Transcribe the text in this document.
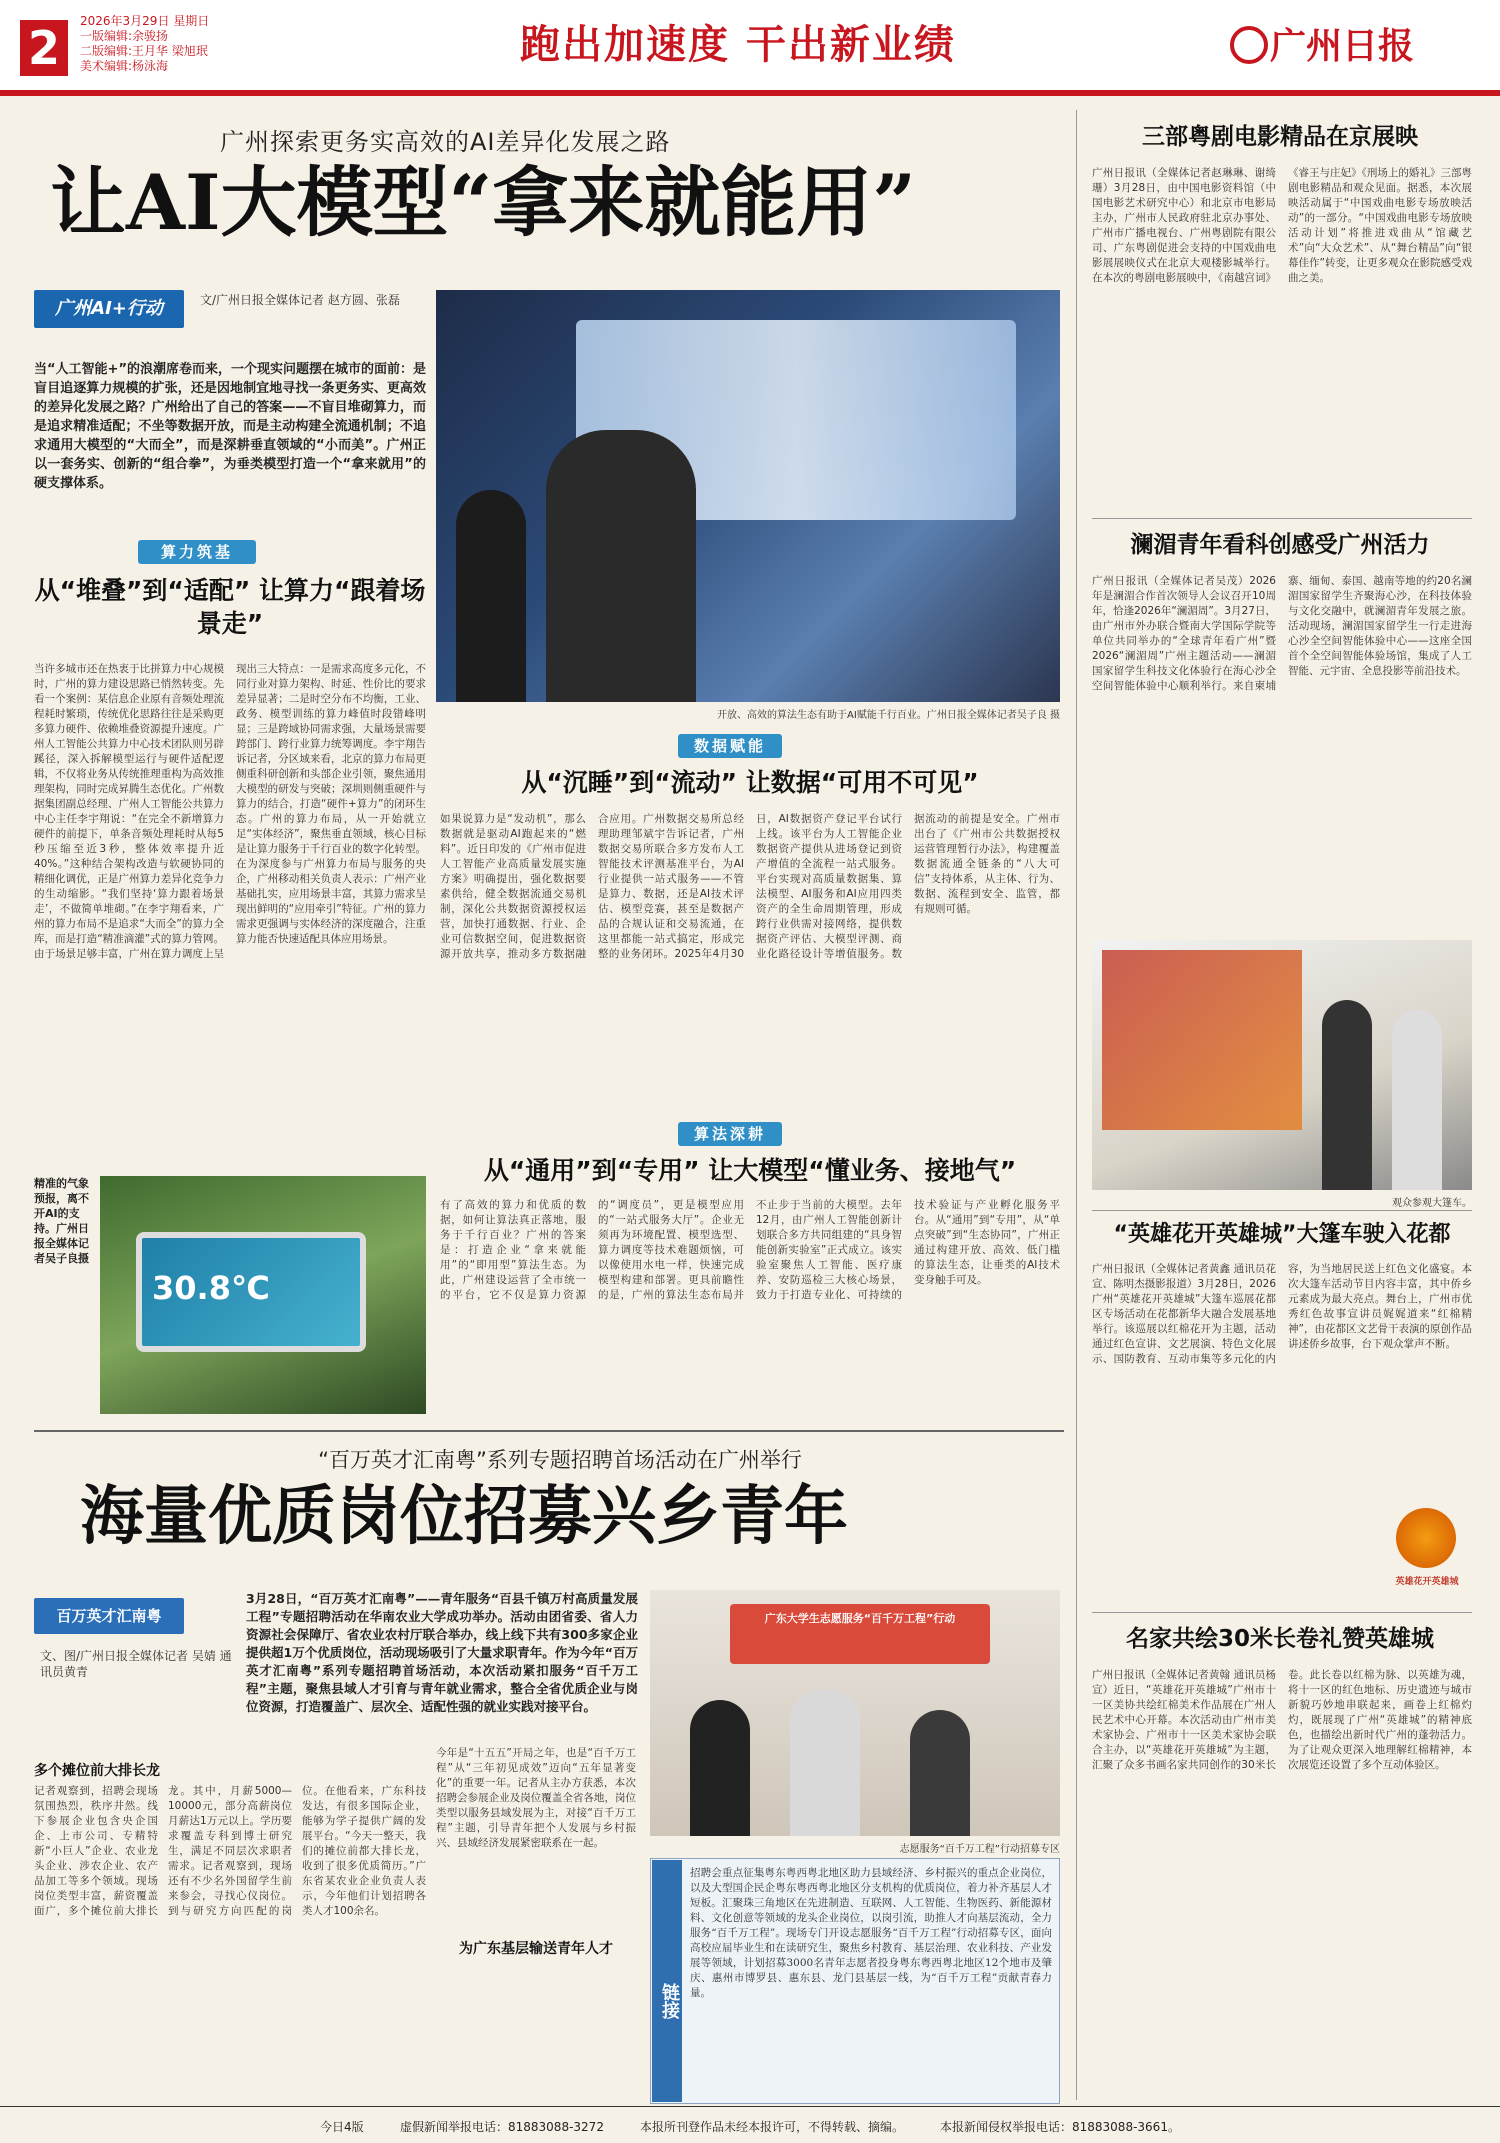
2	2026年3月29日 星期日
一版编辑:余骏扬
二版编辑:王月华 梁旭珉
美术编辑:杨泳海	跑出加速度 干出新业绩	广州日报
广州探索更务实高效的AI差异化发展之路
让AI大模型“拿来就能用”
广州AI+行动	文/广州日报全媒体记者 赵方圆、张磊
当“人工智能+”的浪潮席卷而来，一个现实问题摆在城市的面前：是盲目追逐算力规模的扩张，还是因地制宜地寻找一条更务实、更高效的差异化发展之路？广州给出了自己的答案——不盲目堆砌算力，而是追求精准适配；不坐等数据开放，而是主动构建全流通机制；不追求通用大模型的“大而全”，而是深耕垂直领域的“小而美”。广州正以一套务实、创新的“组合拳”，为垂类模型打造一个“拿来就用”的硬支撑体系。
开放、高效的算法生态有助于AI赋能千行百业。广州日报全媒体记者吴子良 摄
算力筑基
从“堆叠”到“适配” 让算力“跟着场景走”
当许多城市还在热衷于比拼算力中心规模时，广州的算力建设思路已悄然转变。先看一个案例：某信息企业原有音频处理流程耗时繁琐，传统优化思路往往是采购更多算力硬件、依赖堆叠资源提升速度。广州人工智能公共算力中心技术团队则另辟蹊径，深入拆解模型运行与硬件适配逻辑，不仅将业务从传统推理重构为高效推理架构，同时完成昇腾生态优化。广州数据集团副总经理、广州人工智能公共算力中心主任李宇翔说：“在完全不新增算力硬件的前提下，单条音频处理耗时从每5秒压缩至近3秒，整体效率提升近40%。”这种结合架构改造与软硬协同的精细化调优，正是广州算力差异化竞争力的生动缩影。“我们坚持‘算力跟着场景走’，不做简单堆砌。”在李宇翔看来，广州的算力布局不是追求“大而全”的算力全库，而是打造“精准滴灌”式的算力管网。由于场景足够丰富，广州在算力调度上呈现出三大特点：一是需求高度多元化，不同行业对算力架构、时延、性价比的要求差异显著；二是时空分布不均衡，工业、政务、模型训练的算力峰值时段错峰明显；三是跨域协同需求强，大量场景需要跨部门、跨行业算力统筹调度。李宇翔告诉记者，分区域来看，北京的算力布局更侧重科研创新和头部企业引领，聚焦通用大模型的研发与突破；深圳则侧重硬件与算力的结合，打造“硬件+算力”的闭环生态。广州的算力布局，从一开始就立足“实体经济”，聚焦垂直领域，核心目标是让算力服务于千行百业的数字化转型。在为深度参与广州算力布局与服务的央企，广州移动相关负责人表示：广州产业基础扎实，应用场景丰富，其算力需求呈现出鲜明的“应用牵引”特征。广州的算力需求更强调与实体经济的深度融合，注重算力能否快速适配具体应用场景。
精准的气象预报，离不开AI的支持。广州日报全媒体记者吴子良摄
30.8℃
数据赋能
从“沉睡”到“流动” 让数据“可用不可见”
如果说算力是“发动机”，那么数据就是驱动AI跑起来的“燃料”。近日印发的《广州市促进人工智能产业高质量发展实施方案》明确提出，强化数据要素供给，健全数据流通交易机制，深化公共数据资源授权运营，加快打通数据、行业、企业可信数据空间，促进数据资源开放共享，推动多方数据融合应用。广州数据交易所总经理助理邹斌宇告诉记者，广州数据交易所联合多方发布人工智能技术评测基准平台，为AI行业提供一站式服务——不管是算力、数据，还是AI技术评估、模型竞赛，甚至是数据产品的合规认证和交易流通，在这里都能一站式搞定，形成完整的业务闭环。2025年4月30日，AI数据资产登记平台试行上线。该平台为人工智能企业数据资产提供从进场登记到资产增值的全流程一站式服务。平台实现对高质量数据集、算法模型、AI服务和AI应用四类资产的全生命周期管理，形成跨行业供需对接网络，提供数据资产评估、大模型评测、商业化路径设计等增值服务。数据流动的前提是安全。广州市出台了《广州市公共数据授权运营管理暂行办法》，构建覆盖数据流通全链条的“八大可信”支持体系，从主体、行为、数据、流程到安全、监管，都有规则可循。
算法深耕
从“通用”到“专用” 让大模型“懂业务、接地气”
有了高效的算力和优质的数据，如何让算法真正落地，服务于千行百业？广州的答案是：打造企业“拿来就能用”的“即用型”算法生态。为此，广州建设运营了全市统一的平台，它不仅是算力资源的“调度员”，更是模型应用的“一站式服务大厅”。企业无须再为环境配置、模型选型、算力调度等技术难题烦恼，可以像使用水电一样，快速完成模型构建和部署。更具前瞻性的是，广州的算法生态布局并不止步于当前的大模型。去年12月，由广州人工智能创新计划联合多方共同组建的“具身智能创新实验室”正式成立。该实验室聚焦人工智能、医疗康养、安防巡检三大核心场景，致力于打造专业化、可持续的技术验证与产业孵化服务平台。从“通用”到“专用”，从“单点突破”到“生态协同”，广州正通过构建开放、高效、低门槛的算法生态，让垂类的AI技术变身触手可及。
“百万英才汇南粤”系列专题招聘首场活动在广州举行
海量优质岗位招募兴乡青年
百万英才汇南粤
文、图/广州日报全媒体记者 吴婧 通讯员黄青
3月28日，“百万英才汇南粤”——青年服务“百县千镇万村高质量发展工程”专题招聘活动在华南农业大学成功举办。活动由团省委、省人力资源社会保障厅、省农业农村厅联合举办，线上线下共有300多家企业提供超1万个优质岗位，活动现场吸引了大量求职青年。作为今年“百万英才汇南粤”系列专题招聘首场活动，本次活动紧扣服务“百千万工程”主题，聚焦县域人才引育与青年就业需求，整合全省优质企业与岗位资源，打造覆盖广、层次全、适配性强的就业实践对接平台。
多个摊位前大排长龙
记者观察到，招聘会现场氛围热烈，秩序井然。线下参展企业包含央企国企、上市公司、专精特新“小巨人”企业、农业龙头企业、涉农企业、农产品加工等多个领域。现场岗位类型丰富，薪资覆盖面广，多个摊位前大排长龙。其中，月薪5000—10000元，部分高薪岗位月薪达1万元以上。学历要求覆盖专科到博士研究生，满足不同层次求职者需求。记者观察到，现场还有不少名外国留学生前来参会，寻找心仪岗位。到与研究方向匹配的岗位。在他看来，广东科技发达，有很多国际企业，能够为学子提供广阔的发展平台。“今天一整天，我们的摊位前都大排长龙，收到了很多优质简历。”广东省某农业企业负责人表示，今年他们计划招聘各类人才100余名。
今年是“十五五”开局之年，也是“百千万工程”从“三年初见成效”迈向“五年显著变化”的重要一年。记者从主办方获悉，本次招聘会参展企业及岗位覆盖全省各地，岗位类型以服务县域发展为主，对接“百千万工程”主题，引导青年把个人发展与乡村振兴、县域经济发展紧密联系在一起。
为广东基层输送青年人才
广东大学生志愿服务“百千万工程”行动
志愿服务“百千万工程”行动招募专区
链接
招聘会重点征集粤东粤西粤北地区助力县域经济、乡村振兴的重点企业岗位，以及大型国企民企粤东粤西粤北地区分支机构的优质岗位，着力补齐基层人才短板。汇聚珠三角地区在先进制造、互联网、人工智能、生物医药、新能源材料、文化创意等领域的龙头企业岗位，以岗引流，助推人才向基层流动，全力服务“百千万工程”。现场专门开设志愿服务“百千万工程”行动招募专区，面向高校应届毕业生和在读研究生，聚焦乡村教育、基层治理、农业科技、产业发展等领域，计划招募3000名青年志愿者投身粤东粤西粤北地区12个地市及肇庆、惠州市博罗县、惠东县、龙门县基层一线，为“百千万工程”贡献青春力量。
三部粤剧电影精品在京展映
广州日报讯（全媒体记者赵琳琳、谢绮珊）3月28日，由中国电影资料馆（中国电影艺术研究中心）和北京市电影局主办，广州市人民政府驻北京办事处、广州市广播电视台、广州粤剧院有限公司、广东粤剧促进会支持的中国戏曲电影展展映仪式在北京大观楼影城举行。在本次的粤剧电影展映中，《南越宫词》《睿王与庄妃》《刑场上的婚礼》三部粤剧电影精品和观众见面。据悉，本次展映活动属于“中国戏曲电影专场放映活动”的一部分。“中国戏曲电影专场放映活动计划”将推进戏曲从“馆藏艺术”向“大众艺术”、从“舞台精品”向“银幕佳作”转变，让更多观众在影院感受戏曲之美。
澜湄青年看科创感受广州活力
广州日报讯（全媒体记者吴茂）2026年是澜湄合作首次领导人会议召开10周年，恰逢2026年“澜湄周”。3月27日，由广州市外办联合暨南大学国际学院等单位共同举办的“全球青年看广州”暨2026“澜湄周”广州主题活动——澜湄国家留学生科技文化体验行在海心沙全空间智能体验中心顺利举行。来自柬埔寨、缅甸、泰国、越南等地的约20名澜湄国家留学生齐聚海心沙，在科技体验与文化交融中，就澜湄青年发展之旅。活动现场，澜湄国家留学生一行走进海心沙全空间智能体验中心——这座全国首个全空间智能体验场馆，集成了人工智能、元宇宙、全息投影等前沿技术。
观众参观大篷车。
“英雄花开英雄城”大篷车驶入花都
广州日报讯（全媒体记者黄鑫 通讯员花宣、陈明杰摄影报道）3月28日，2026广州“英雄花开英雄城”大篷车巡展花都区专场活动在花都新华大融合发展基地举行。该巡展以红棉花开为主题，活动通过红色宣讲、文艺展演、特色文化展示、国防教育、互动市集等多元化的内容，为当地居民送上红色文化盛宴。本次大篷车活动节目内容丰富，其中侨乡元素成为最大亮点。舞台上，广州市优秀红色故事宣讲员娓娓道来“红棉精神”，由花都区文艺骨干表演的原创作品讲述侨乡故事，台下观众掌声不断。
英雄花开英雄城
名家共绘30米长卷礼赞英雄城
广州日报讯（全媒体记者黄翰 通讯员杨宣）近日，“英雄花开英雄城”广州市十一区美协共绘红棉美术作品展在广州人民艺术中心开幕。本次活动由广州市美术家协会、广州市十一区美术家协会联合主办，以“英雄花开英雄城”为主题，汇聚了众多书画名家共同创作的30米长卷。此长卷以红棉为脉、以英雄为魂，将十一区的红色地标、历史遗迹与城市新貌巧妙地串联起来，画卷上红棉灼灼，既展现了广州“英雄城”的精神底色，也描绘出新时代广州的蓬勃活力。为了让观众更深入地理解红棉精神，本次展览还设置了多个互动体验区。
今日4版	虚假新闻举报电话：81883088-3272	本报所刊登作品未经本报许可，不得转载、摘编。	本报新闻侵权举报电话：81883088-3661。
